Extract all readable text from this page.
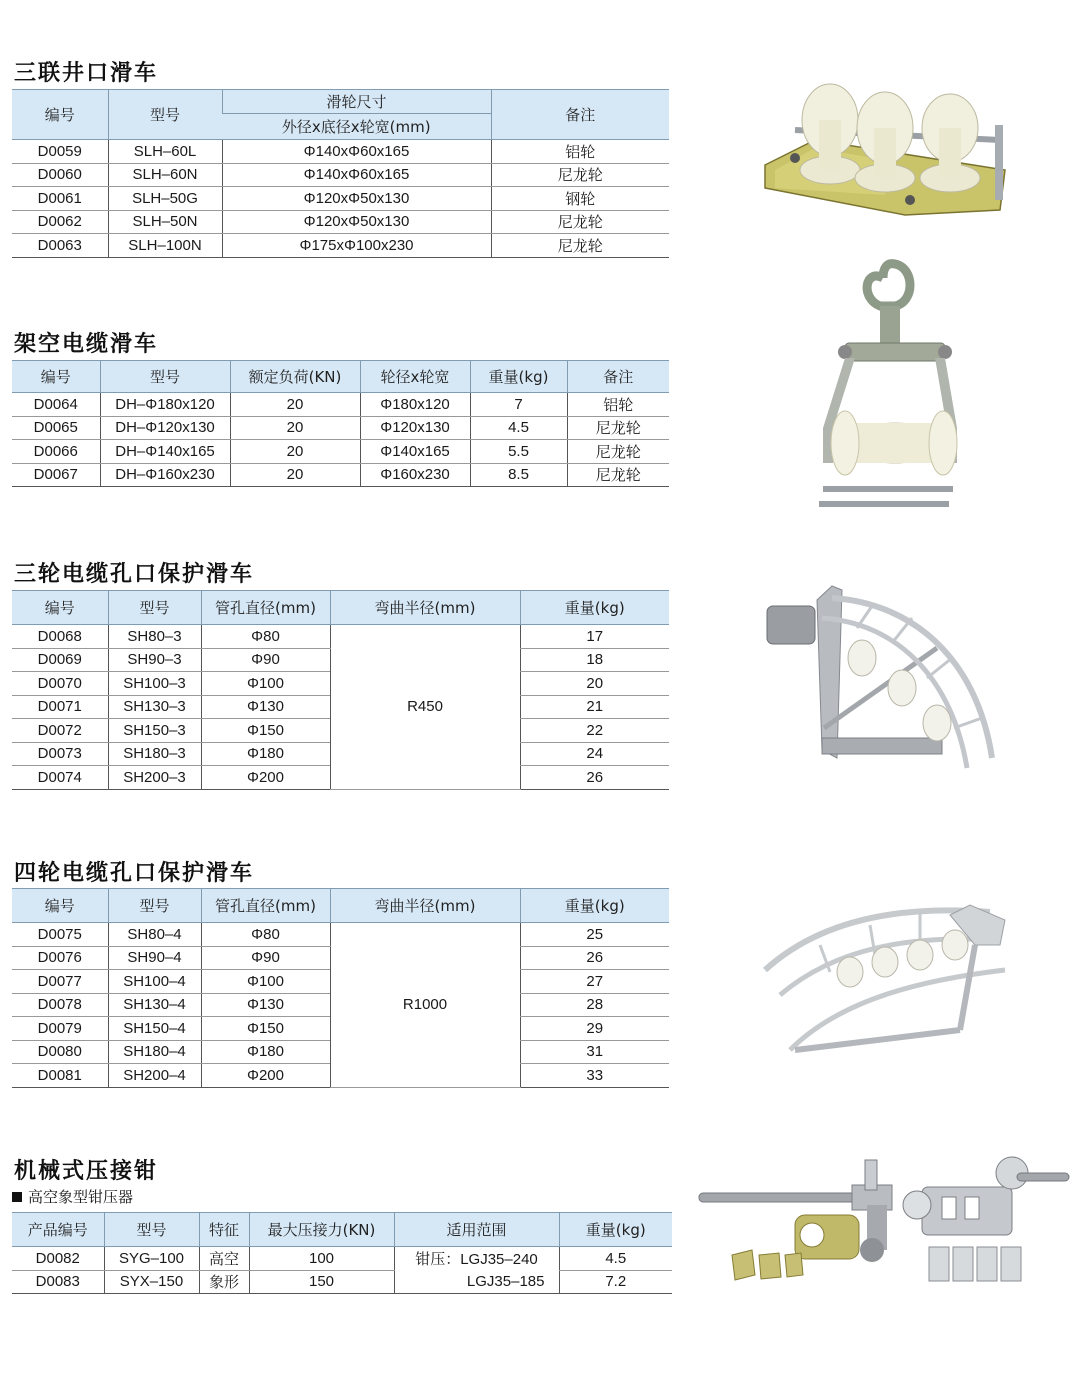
三联井口滑车
编号	型号	滑轮尺寸	备注
		外径x底径x轮宽(mm)	
D0059	SLH–60L	Φ140xΦ60x165	铝轮
D0060	SLH–60N	Φ140xΦ60x165	尼龙轮
D0061	SLH–50G	Φ120xΦ50x130	钢轮
D0062	SLH–50N	Φ120xΦ50x130	尼龙轮
D0063	SLH–100N	Φ175xΦ100x230	尼龙轮
架空电缆滑车
编号	型号	额定负荷(KN)	轮径x轮宽	重量(kg)	备注
D0064	DH–Φ180x120	20	Φ180x120	7	铝轮
D0065	DH–Φ120x130	20	Φ120x130	4.5	尼龙轮
D0066	DH–Φ140x165	20	Φ140x165	5.5	尼龙轮
D0067	DH–Φ160x230	20	Φ160x230	8.5	尼龙轮
三轮电缆孔口保护滑车
编号	型号	管孔直径(mm)	弯曲半径(mm)	重量(kg)
D0068	SH80–3	Φ80	R450	17
D0069	SH90–3	Φ90		18
D0070	SH100–3	Φ100		20
D0071	SH130–3	Φ130		21
D0072	SH150–3	Φ150		22
D0073	SH180–3	Φ180		24
D0074	SH200–3	Φ200		26
四轮电缆孔口保护滑车
编号	型号	管孔直径(mm)	弯曲半径(mm)	重量(kg)
D0075	SH80–4	Φ80	R1000	25
D0076	SH90–4	Φ90		26
D0077	SH100–4	Φ100		27
D0078	SH130–4	Φ130		28
D0079	SH150–4	Φ150		29
D0080	SH180–4	Φ180		31
D0081	SH200–4	Φ200		33
机械式压接钳
高空象型钳压器
产品编号	型号	特征	最大压接力(KN)	适用范围	重量(kg)
D0082	SYG–100	高空	100	钳压：LGJ35–240	4.5
D0083	SYX–150	象形	150	LGJ35–185	7.2
